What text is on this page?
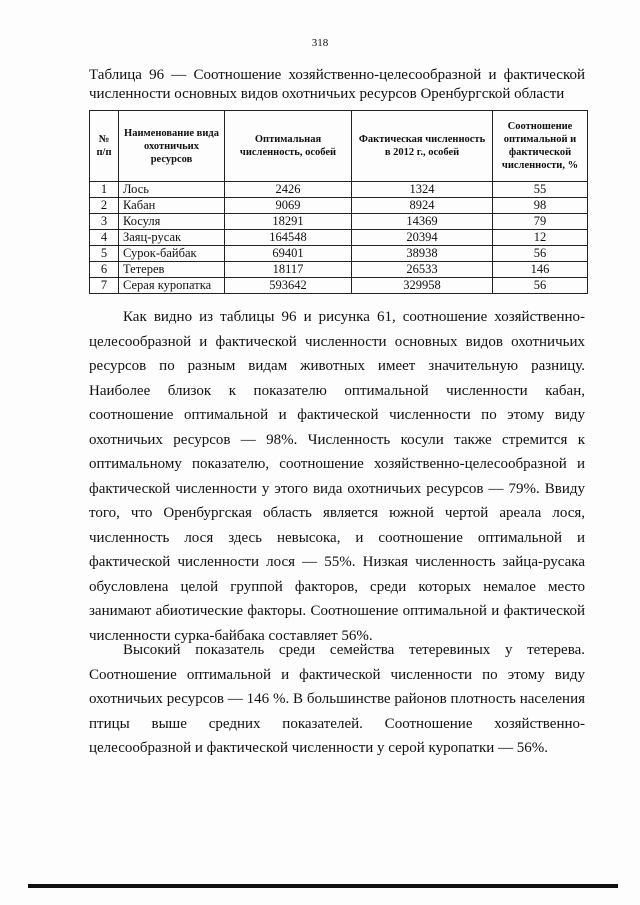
318
Таблица 96 — Соотношение хозяйственно-целесообразной и фактической
численности основных видов охотничьих ресурсов Оренбургской области
№ п/п	Наименование вида охотничьих ресурсов	Оптимальная численность, особей	Фактическая численность в 2012 г., особей	Соотношение оптимальной и фактической численности, %
1	Лось	2426	1324	55
2	Кабан	9069	8924	98
3	Косуля	18291	14369	79
4	Заяц-русак	164548	20394	12
5	Сурок-байбак	69401	38938	56
6	Тетерев	18117	26533	146
7	Серая куропатка	593642	329958	56

Как видно из таблицы 96 и рисунка 61, соотношение хозяйственно-целесообразной и фактической численности основных видов охотничьих ресурсов по разным видам животных имеет значительную разницу. Наиболее близок к показателю оптимальной численности кабан, соотношение оптимальной и фактической численности по этому виду охотничьих ресурсов — 98%. Численность косули также стремится к оптимальному показателю, соотношение хозяйственно-целесообразной и фактической численности у этого вида охотничьих ресурсов — 79%. Ввиду того, что Оренбургская область является южной чертой ареала лося, численность лося здесь невысока, и соотношение оптимальной и фактической численности лося — 55%. Низкая численность зайца-русака обусловлена целой группой факторов, среди которых немалое место занимают абиотические факторы. Соотношение оптимальной и фактической численности сурка-байбака составляет 56%.

Высокий показатель среди семейства тетеревиных у тетерева. Соотношение оптимальной и фактической численности по этому виду охотничьих ресурсов — 146 %. В большинстве районов плотность населения птицы выше средних показателей. Соотношение хозяйственно-целесообразной и фактической численности у серой куропатки — 56%.
